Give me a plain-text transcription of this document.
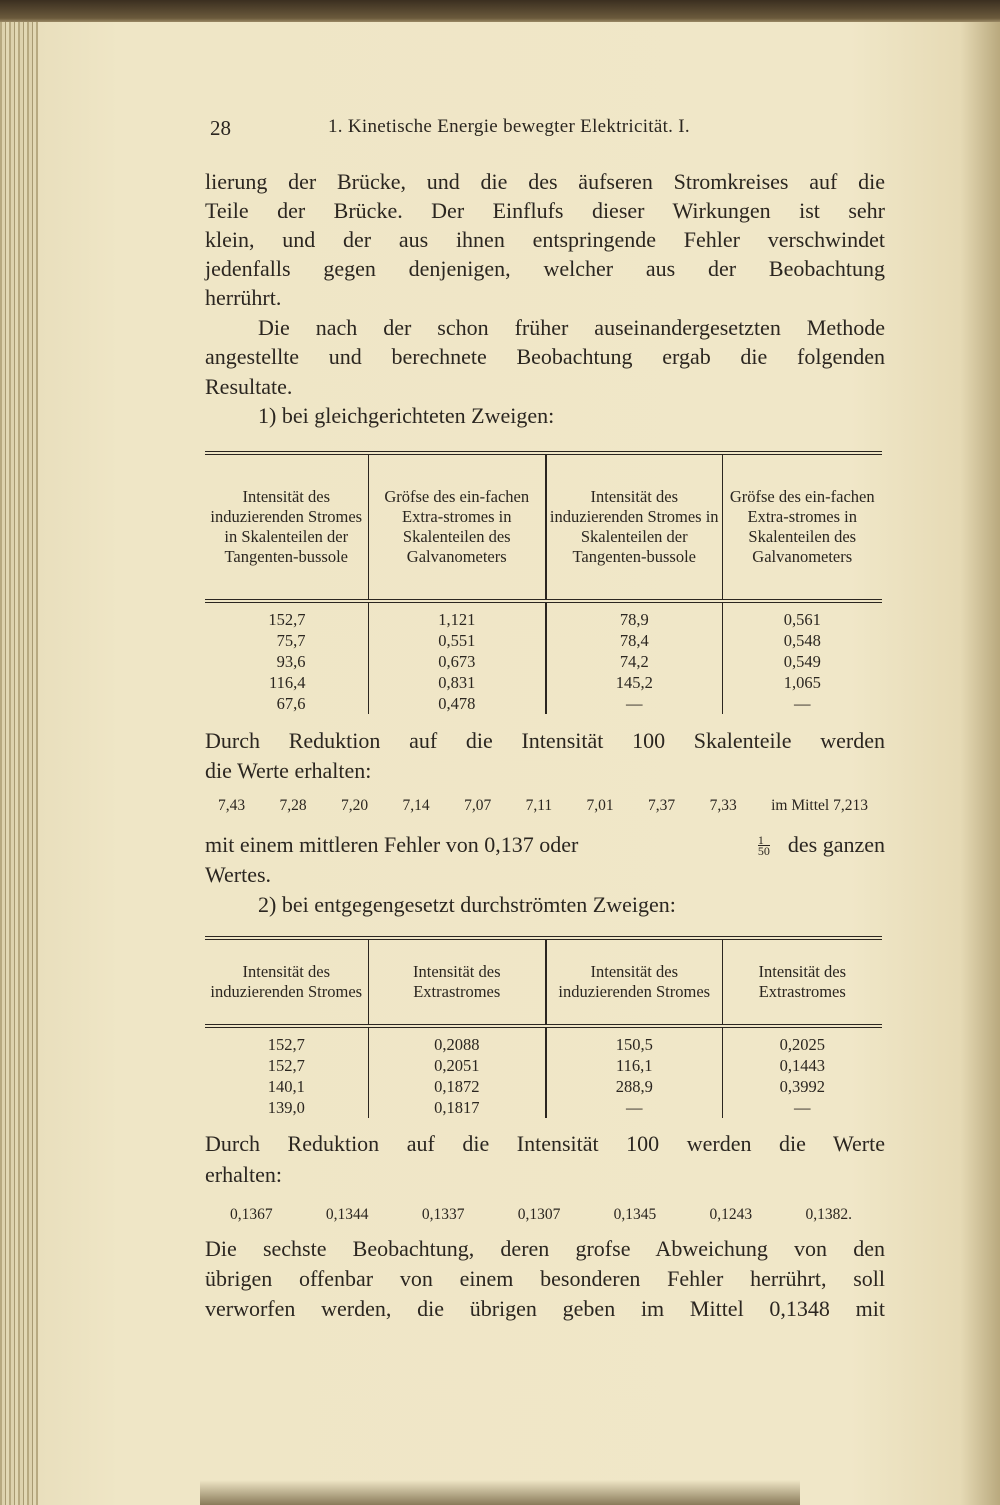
28	1. Kinetische Energie bewegter Elektricität. I.
lierung der Brücke, und die des äufseren Stromkreises auf die
Teile der Brücke. Der Einflufs dieser Wirkungen ist sehr
klein, und der aus ihnen entspringende Fehler verschwindet
jedenfalls gegen denjenigen, welcher aus der Beobachtung
herrührt.
Die nach der schon früher auseinandergesetzten Methode
angestellte und berechnete Beobachtung ergab die folgenden
Resultate.
1) bei gleichgerichteten Zweigen:
Intensität des induzierenden Stromes in Skalenteilen der Tangenten-bussole	Gröfse des ein-fachen Extra-stromes in Skalenteilen des Galvanometers	Intensität des induzierenden Stromes in Skalenteilen der Tangenten-bussole	Gröfse des ein-fachen Extra-stromes in Skalenteilen des Galvanometers

152,7	1,121	78,9	0,561
75,7	0,551	78,4	0,548
93,6	0,673	74,2	0,549
116,4	0,831	145,2	1,065
67,6	0,478	—	—
Durch Reduktion auf die Intensität 100 Skalenteile werden
die Werte erhalten:
7,43 7,28 7,20 7,14 7,07 7,11 7,01 7,37 7,33 im Mittel 7,213
mit einem mittleren Fehler von 0,137 oder	$\frac{1}{50}$ des ganzen
Wertes.
2) bei entgegengesetzt durchströmten Zweigen:
Intensität des induzierenden Stromes	Intensität des Extrastromes	Intensität des induzierenden Stromes	Intensität des Extrastromes

152,7	0,2088	150,5	0,2025
152,7	0,2051	116,1	0,1443
140,1	0,1872	288,9	0,3992
139,0	0,1817	—	—
Durch Reduktion auf die Intensität 100 werden die Werte
erhalten:
0,1367	0,1344	0,1337	0,1307	0,1345	0,1243	0,1382.
Die sechste Beobachtung, deren grofse Abweichung von den
übrigen offenbar von einem besonderen Fehler herrührt, soll
verworfen werden, die übrigen geben im Mittel 0,1348 mit
